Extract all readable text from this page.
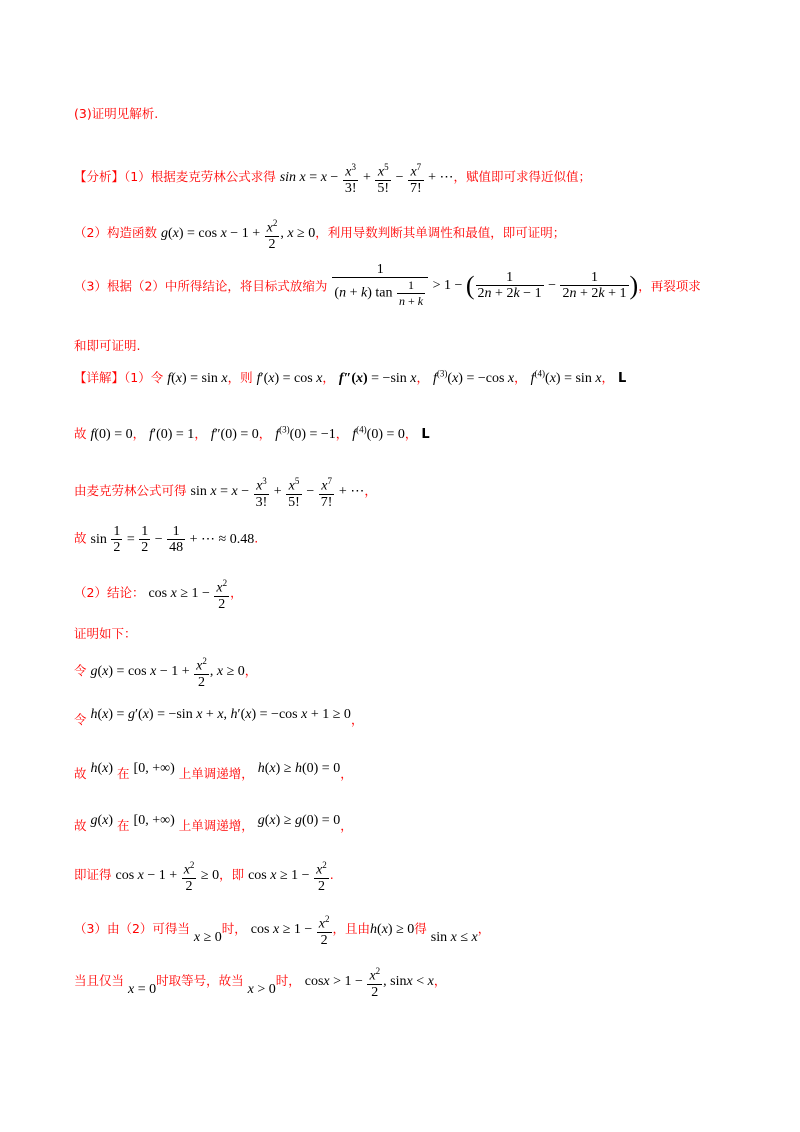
(3)证明见解析.
【分析】（1）根据麦克劳林公式求得 $\sin x = x - \frac{x^3}{3!} + \frac{x^5}{5!} - \frac{x^7}{7!}$ + ⋯，赋值即可求得近似值；
（2）构造函数 $g(x) = \cos x - 1 + \frac{x^2}{2}$ , x ≥ 0，利用导数判断其单调性和最值，即可证明；
（3）根据（2）中所得结论，将目标式放缩为 $\frac{1}{(n + k) \tan \frac{1}{n + k}} > 1$ − ( $\frac{1}{2n + 2k - 1} - \frac{1}{2n + 2k + 1}$ )，再裂项求
和即可证明.
【详解】（1）令 f(x) = sin x，则 f′(x) = cos x， f″(x) = −sin x， $f^{(3)}(x) = -\cos$ x， $f^{(4)}(x) = \sin x$， L
故 f(0) = 0， f′(0) = 1， f″(0) = 0， $f^{(3)}(0) = -1$， $f^{(4)}(0) = 0$， L
由麦克劳林公式可得 $\sin x = x - \frac{x^3}{3!} + \frac{x^5}{5!} - \frac{x^7}{7!}$ + ⋯，
故 $\sin \frac{1}{2} = \frac{1}{2} - \frac{1}{48}$ + ⋯ ≈ 0.48.
（2）结论： $\cos x \ge 1 - \frac{x^2}{2}$ ，
证明如下：
令 $g(x) = \cos x - 1 + \frac{x^2}{2}$ , x ≥ 0，
令 h(x) = g′(x) = −sin x + x, h′(x) = −cos x + 1 ≥ 0，
故 h(x) 在 [0, +∞) 上单调递增， h(x) ≥ h(0) = 0，
故 g(x) 在 [0, +∞) 上单调递增， g(x) ≥ g(0) = 0，
即证得 $\cos x - 1 + \frac{x^2}{2} \ge 0$，即 $\cos x \ge 1 - \frac{x^2}{2}$ .
（3）由（2）可得当 x ≥ 0时， $\cos x \ge 1 - \frac{x^2}{2}$ ，且由h(x) ≥ 0得 sin x ≤ x，
当且仅当 x = 0时取等号，故当 x > 0时， $\cos x > 1 - \frac{x^2}{2}$ , sinx < x，
